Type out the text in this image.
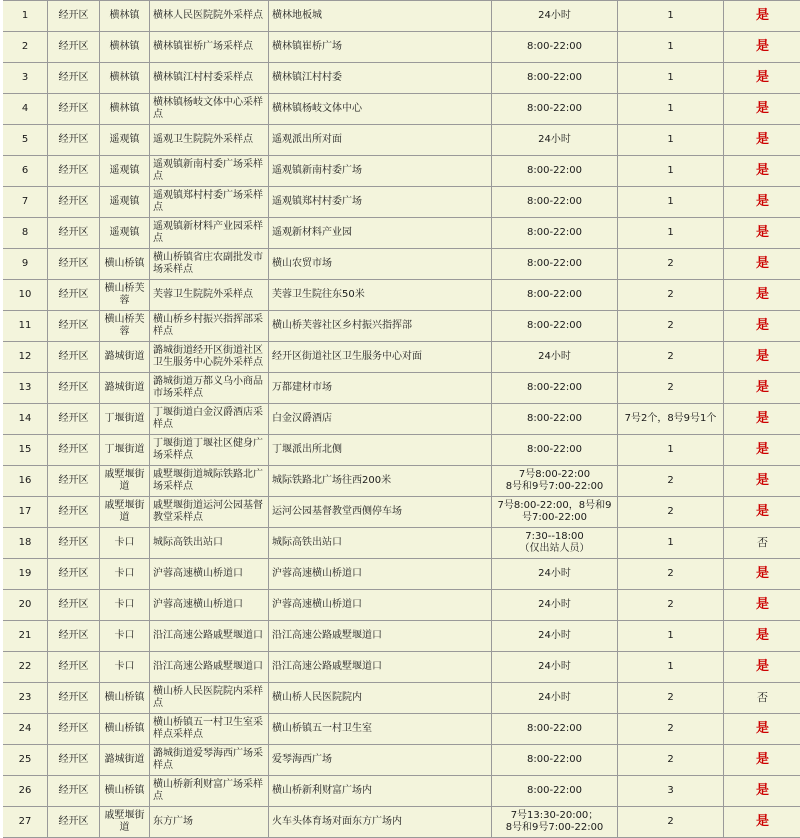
1	经开区	横林镇	横林人民医院院外采样点	横林地板城	24小时	1	是
2	经开区	横林镇	横林镇崔桥广场采样点	横林镇崔桥广场	8:00-22:00	1	是
3	经开区	横林镇	横林镇江村村委采样点	横林镇江村村委	8:00-22:00	1	是
4	经开区	横林镇	横林镇杨岐文体中心采样点	横林镇杨岐文体中心	8:00-22:00	1	是
5	经开区	遥观镇	遥观卫生院院外采样点	遥观派出所对面	24小时	1	是
6	经开区	遥观镇	遥观镇新南村委广场采样点	遥观镇新南村委广场	8:00-22:00	1	是
7	经开区	遥观镇	遥观镇郑村村委广场采样点	遥观镇郑村村委广场	8:00-22:00	1	是
8	经开区	遥观镇	遥观镇新材料产业园采样点	遥观新材料产业园	8:00-22:00	1	是
9	经开区	横山桥镇	横山桥镇省庄农副批发市场采样点	横山农贸市场	8:00-22:00	2	是
10	经开区	横山桥芙蓉	芙蓉卫生院院外采样点	芙蓉卫生院往东50米	8:00-22:00	2	是
11	经开区	横山桥芙蓉	横山桥乡村振兴指挥部采样点	横山桥芙蓉社区乡村振兴指挥部	8:00-22:00	2	是
12	经开区	潞城街道	潞城街道经开区街道社区卫生服务中心院外采样点	经开区街道社区卫生服务中心对面	24小时	2	是
13	经开区	潞城街道	潞城街道万都义乌小商品市场采样点	万都建材市场	8:00-22:00	2	是
14	经开区	丁堰街道	丁堰街道白金汉爵酒店采样点	白金汉爵酒店	8:00-22:00	7号2个，8号9号1个	是
15	经开区	丁堰街道	丁堰街道丁堰社区健身广场采样点	丁堰派出所北侧	8:00-22:00	1	是
16	经开区	戚墅堰街道	戚墅堰街道城际铁路北广场采样点	城际铁路北广场往西200米	7号8:00-22:00
8号和9号7:00-22:00	2	是
17	经开区	戚墅堰街道	戚墅堰街道运河公园基督教堂采样点	运河公园基督教堂西侧停车场	7号8:00-22:00，8号和9号7:00-22:00	2	是
18	经开区	卡口	城际高铁出站口	城际高铁出站口	7:30--18:00
（仅出站人员）	1	否
19	经开区	卡口	沪蓉高速横山桥道口	沪蓉高速横山桥道口	24小时	2	是
20	经开区	卡口	沪蓉高速横山桥道口	沪蓉高速横山桥道口	24小时	2	是
21	经开区	卡口	沿江高速公路戚墅堰道口	沿江高速公路戚墅堰道口	24小时	1	是
22	经开区	卡口	沿江高速公路戚墅堰道口	沿江高速公路戚墅堰道口	24小时	1	是
23	经开区	横山桥镇	横山桥人民医院院内采样点	横山桥人民医院院内	24小时	2	否
24	经开区	横山桥镇	横山桥镇五一村卫生室采样点采样点	横山桥镇五一村卫生室	8:00-22:00	2	是
25	经开区	潞城街道	潞城街道爱琴海西广场采样点	爱琴海西广场	8:00-22:00	2	是
26	经开区	横山桥镇	横山桥新利财富广场采样点	横山桥新利财富广场内	8:00-22:00	3	是
27	经开区	戚墅堰街道	东方广场	火车头体育场对面东方广场内	7号13:30-20:00；
8号和9号7:00-22:00	2	是
